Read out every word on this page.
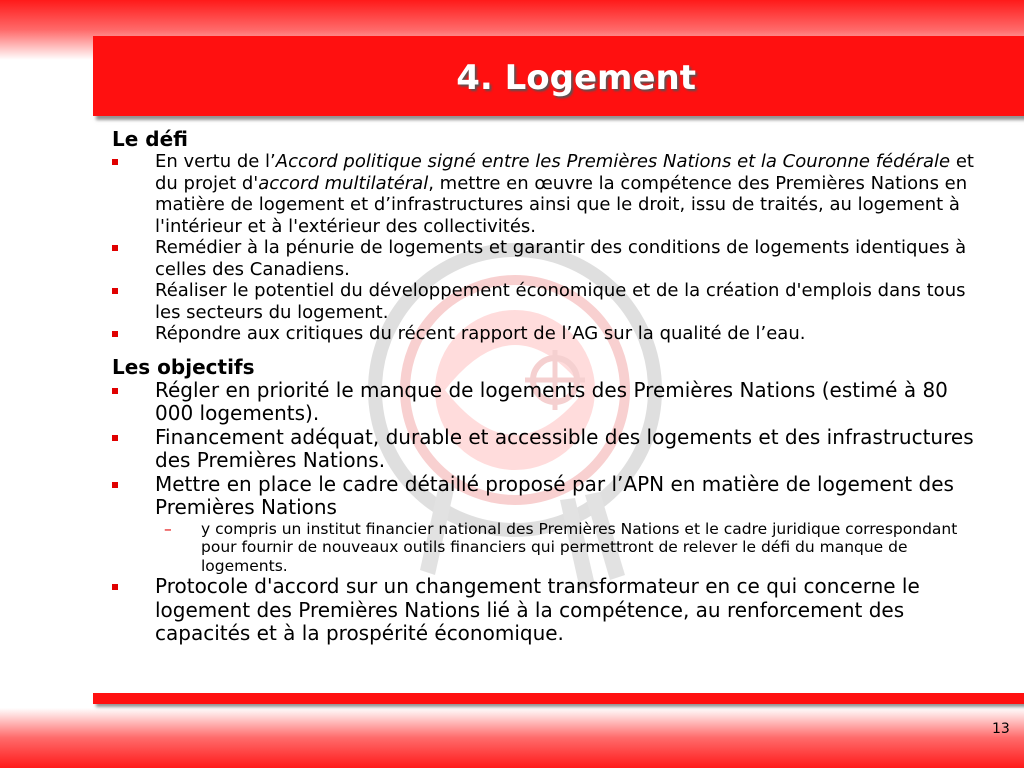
4. Logement
Le défi
En vertu de l’Accord politique signé entre les Premières Nations et la Couronne fédérale et du projet d'accord multilatéral, mettre en œuvre la compétence des Premières Nations en matière de logement et d’infrastructures ainsi que le droit, issu de traités, au logement à l'intérieur et à l'extérieur des collectivités.
Remédier à la pénurie de logements et garantir des conditions de logements identiques à celles des Canadiens.
Réaliser le potentiel du développement économique et de la création d'emplois dans tous les secteurs du logement.
Répondre aux critiques du récent rapport de l’AG sur la qualité de l’eau.
Les objectifs
Régler en priorité le manque de logements des Premières Nations (estimé à 80 000 logements).
Financement adéquat, durable et accessible des logements et des infrastructures des Premières Nations.
Mettre en place le cadre détaillé proposé par l’APN en matière de logement des Premières Nations
– y compris un institut financier national des Premières Nations et le cadre juridique correspondant pour fournir de nouveaux outils financiers qui permettront de relever le défi du manque de logements.
Protocole d'accord sur un changement transformateur en ce qui concerne le logement des Premières Nations lié à la compétence, au renforcement des capacités et à la prospérité économique.
13
